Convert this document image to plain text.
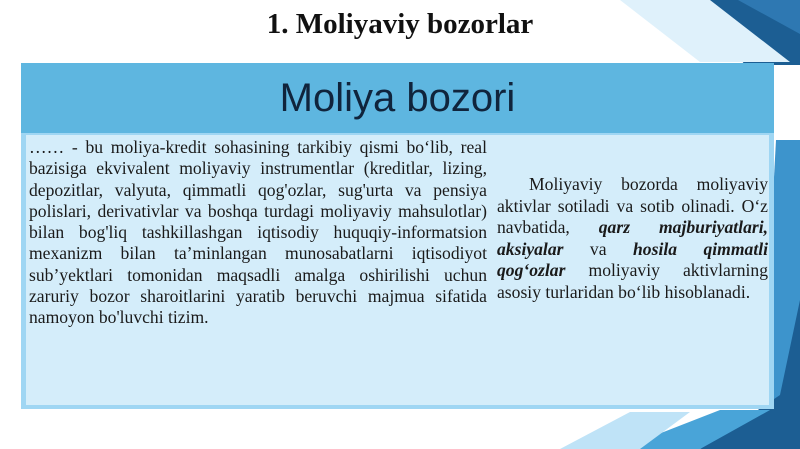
1. Moliyaviy bozorlar
Moliya bozori

…… - bu moliya-kredit sohasining tarkibiy qismi bo‘lib, real bazisiga ekvivalent moliyaviy instrumentlar (kreditlar, lizing, depozitlar, valyuta, qimmatli qog'ozlar, sug'urta va pensiya polislari, derivativlar va boshqa turdagi moliyaviy mahsulotlar) bilan bog'liq tashkillashgan iqtisodiy huquqiy-informatsion mexanizm bilan ta’minlangan munosabatlarni iqtisodiyot sub’yektlari tomonidan maqsadli amalga oshirilishi uchun zaruriy bozor sharoitlarini yaratib beruvchi majmua sifatida namoyon bo'luvchi tizim.

Moliyaviy bozorda moliyaviy aktivlar sotiladi va sotib olinadi. O‘z navbatida, qarz majburiyatlari, aksiyalar va hosila qimmatli qog‘ozlar moliyaviy aktivlarning asosiy turlaridan bo‘lib hisoblanadi.
